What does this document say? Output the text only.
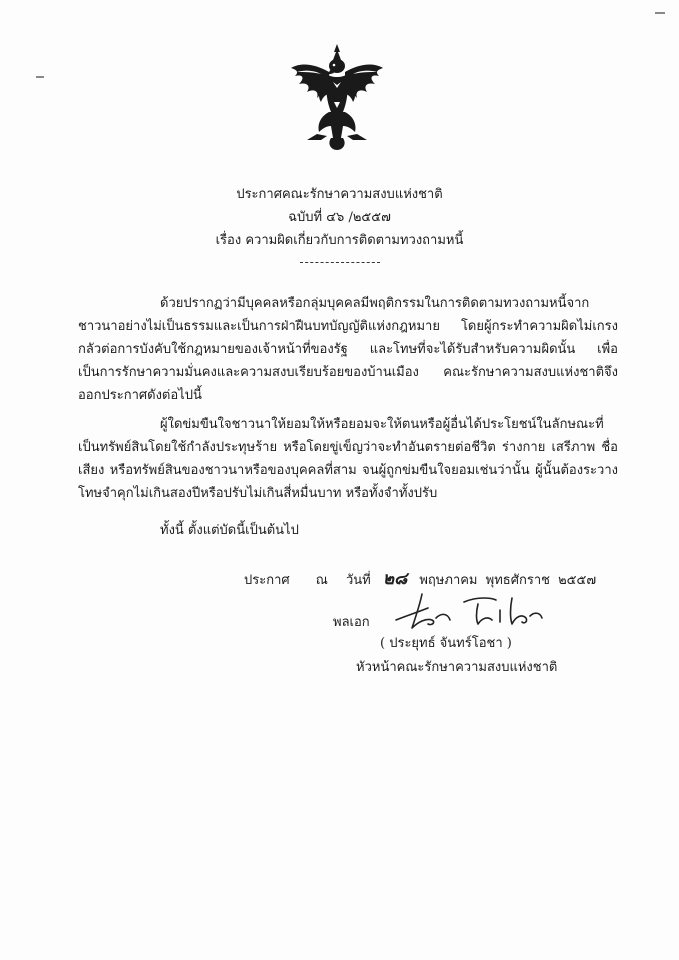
ประกาศคณะรักษาความสงบแห่งชาติ
ฉบับที่ ๔๖ /๒๕๕๗
เรื่อง ความผิดเกี่ยวกับการติดตามทวงถามหนี้

ด้วยปรากฏว่ามีบุคคลหรือกลุ่มบุคคลมีพฤติกรรมในการติดตามทวงถามหนี้จากชาวนาอย่างไม่เป็นธรรมและเป็นการฝ่าฝืนบทบัญญัติแห่งกฎหมาย โดยผู้กระทำความผิดไม่เกรงกลัวต่อการบังคับใช้กฎหมายของเจ้าหน้าที่ของรัฐ และโทษที่จะได้รับสำหรับความผิดนั้น เพื่อเป็นการรักษาความมั่นคงและความสงบเรียบร้อยของบ้านเมือง คณะรักษาความสงบแห่งชาติจึงออกประกาศดังต่อไปนี้

ผู้ใดข่มขืนใจชาวนาให้ยอมให้หรือยอมจะให้ตนหรือผู้อื่นได้ประโยชน์ในลักษณะที่เป็นทรัพย์สินโดยใช้กำลังประทุษร้าย หรือโดยขู่เข็ญว่าจะทำอันตรายต่อชีวิต ร่างกาย เสรีภาพ ชื่อเสียง หรือทรัพย์สินของชาวนาหรือของบุคคลที่สาม จนผู้ถูกข่มขืนใจยอมเช่นว่านั้น ผู้นั้นต้องระวางโทษจำคุกไม่เกินสองปีหรือปรับไม่เกินสี่หมื่นบาท หรือทั้งจำทั้งปรับ

ทั้งนี้ ตั้งแต่บัดนี้เป็นต้นไป
ประกาศ ณ วันที่ ๒๘ พฤษภาคม พุทธศักราช ๒๕๕๗
พลเอก
( ประยุทธ์ จันทร์โอชา )
หัวหน้าคณะรักษาความสงบแห่งชาติ
